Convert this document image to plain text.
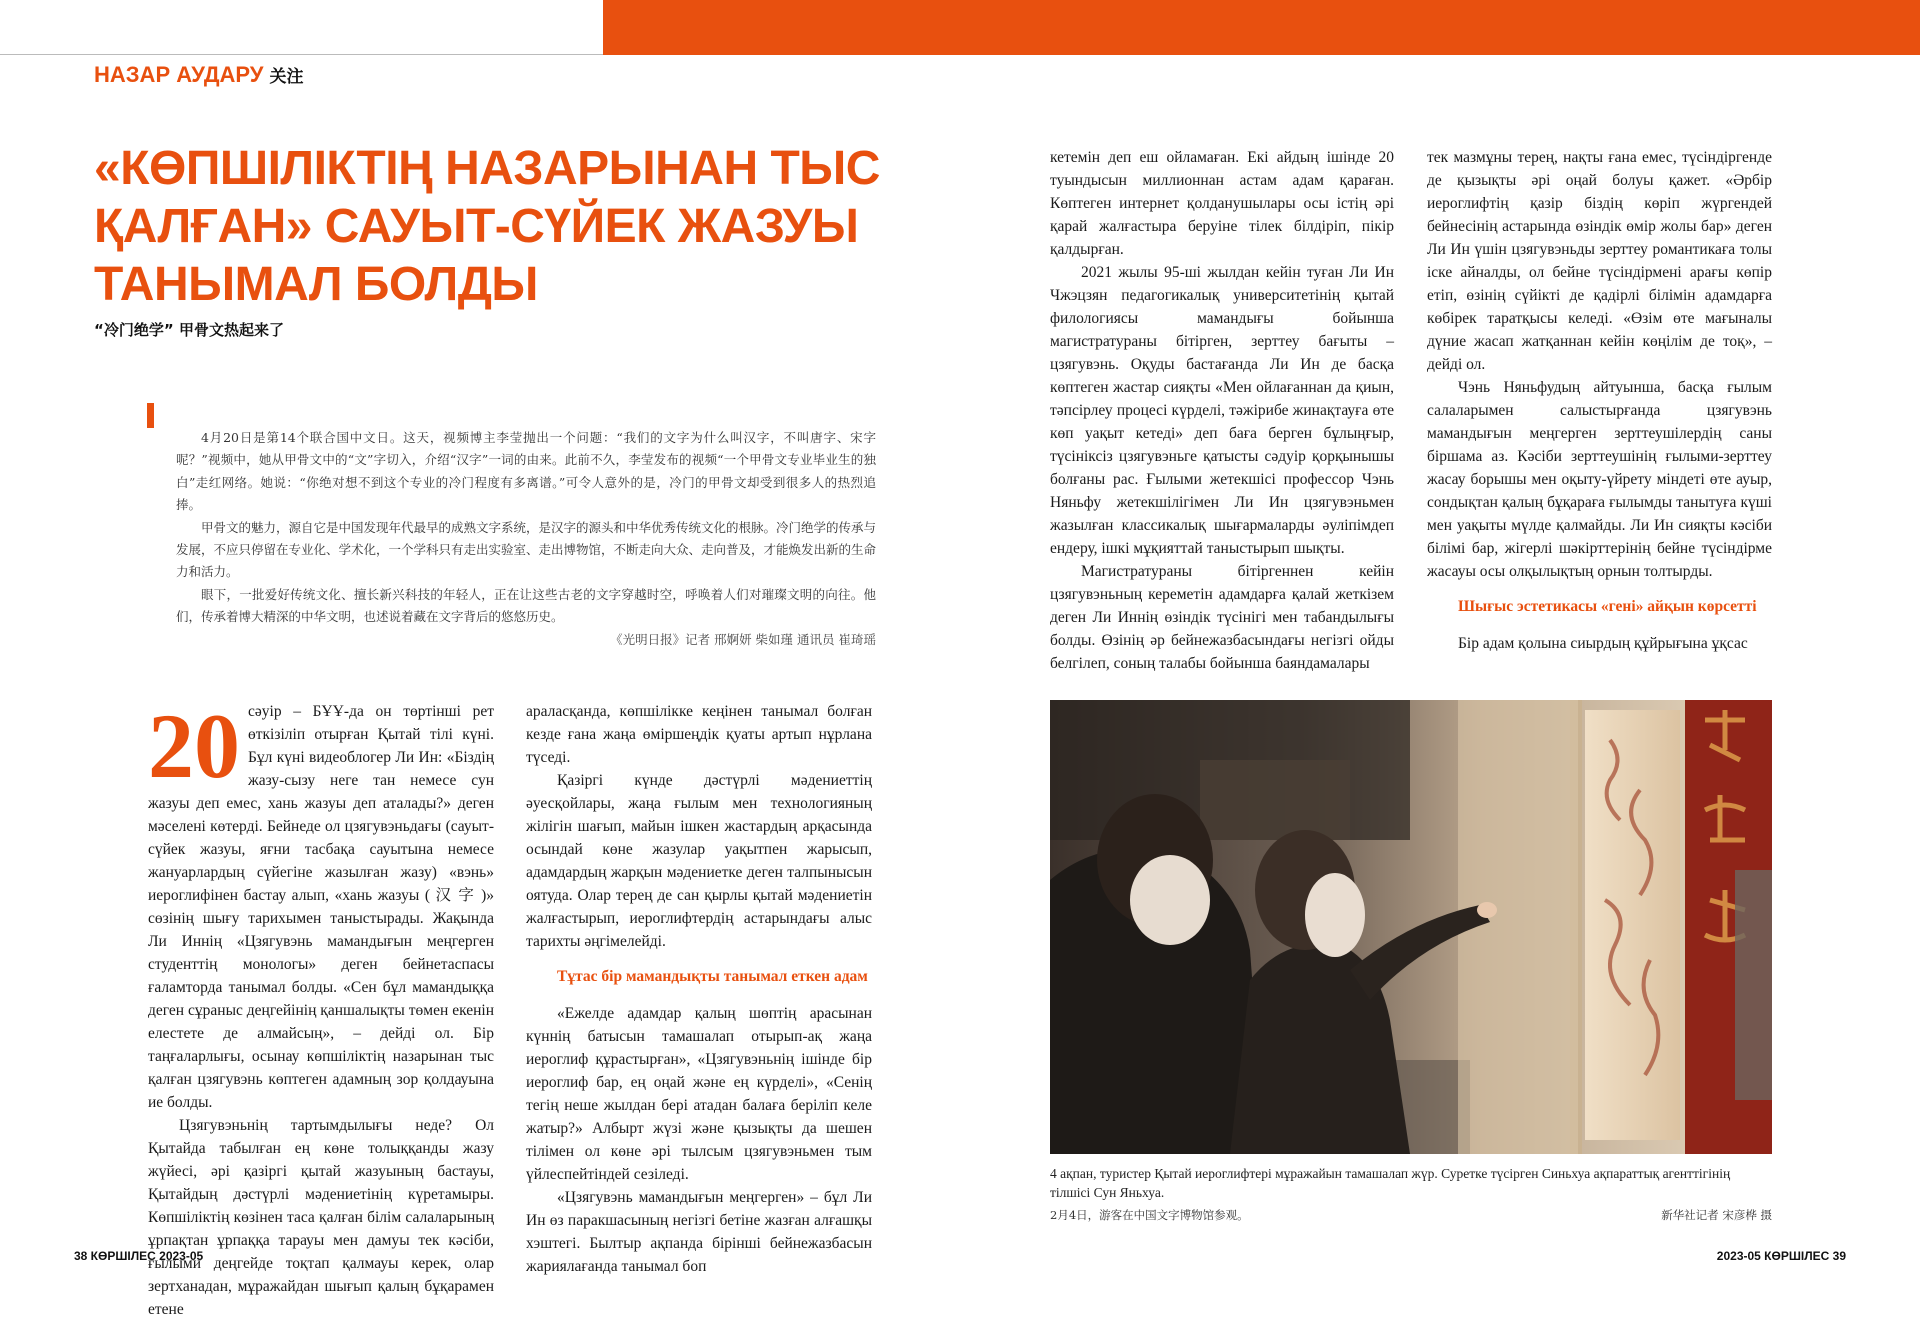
НАЗАР АУДАРУ 关注
«КӨПШІЛІКТІҢ НАЗАРЫНАН ТЫС
ҚАЛҒАН» САУЫТ-СҮЙЕК ЖАЗУЫ
ТАНЫМАЛ БОЛДЫ
“冷门绝学” 甲骨文热起来了

4月20日是第14个联合国中文日。这天，视频博主李莹抛出一个问题：“我们的文字为什么叫汉字，不叫唐字、宋字呢？”视频中，她从甲骨文中的“文”字切入，介绍“汉字”一词的由来。此前不久，李莹发布的视频“一个甲骨文专业毕业生的独白”走红网络。她说：“你绝对想不到这个专业的冷门程度有多离谱。”可令人意外的是，冷门的甲骨文却受到很多人的热烈追捧。

甲骨文的魅力，源自它是中国发现年代最早的成熟文字系统，是汉字的源头和中华优秀传统文化的根脉。冷门绝学的传承与发展，不应只停留在专业化、学术化，一个学科只有走出实验室、走出博物馆，不断走向大众、走向普及，才能焕发出新的生命力和活力。

眼下，一批爱好传统文化、擅长新兴科技的年轻人，正在让这些古老的文字穿越时空，呼唤着人们对璀璨文明的向往。他们，传承着博大精深的中华文明，也述说着藏在文字背后的悠悠历史。

《光明日报》记者 邢婀妍 柴如瑾 通讯员 崔琦瑶

20 сәуір – БҰҰ-да он төртінші рет өткізіліп отырған Қытай тілі күні. Бұл күні видеоблогер Ли Ин: «Біздің жазу-сызу неге тан немесе сун жазуы деп емес, хань жазуы деп аталады?» деген мәселені көтерді. Бейнеде ол цзягувэньдағы (сауыт-сүйек жазуы, яғни тасбақа сауытына немесе жануарлардың сүйегіне жазылған жазу) «вэнь» иероглифінен бастау алып, «хань жазуы ( 汉 字 )» сөзінің шығу тарихымен таныстырады. Жақында Ли Иннің «Цзягувэнь мамандығын меңгерген студенттің монологы» деген бейнетаспасы ғаламторда танымал болды. «Сен бұл мамандыққа деген сұраныс деңгейінің қаншалықты төмен екенін елестете де алмайсың», – дейді ол. Бір таңғаларлығы, осынау көпшіліктің назарынан тыс қалған цзягувэнь көптеген адамның зор қолдауына ие болды.

Цзягувэньнің тартымдылығы неде? Ол Қытайда табылған ең көне толыққанды жазу жүйесі, әрі қазіргі қытай жазуының бастауы, Қытайдың дәстүрлі мәдениетінің күретамыры. Көпшіліктің көзінен таса қалған білім салаларының ұрпақтан ұрпаққа тарауы мен дамуы тек кәсіби, ғылыми деңгейде тоқтап қалмауы керек, олар зертханадан, мұражайдан шығып қалың бұқарамен етене

араласқанда, көпшілікке кеңінен танымал болған кезде ғана жаңа өміршеңдік қуаты артып нұрлана түседі.

Қазіргі күнде дәстүрлі мәдениеттің әуесқойлары, жаңа ғылым мен технологияның жілігін шағып, майын ішкен жастардың арқасында осындай көне жазулар уақытпен жарысып, адамдардың жарқын мәдениетке деген талпынысын оятуда. Олар терең де сан қырлы қытай мәдениетін жалғастырып, иероглифтердің астарындағы алыс тарихты әңгімелейді.

Тұтас бір мамандықты танымал еткен адам

«Ежелде адамдар қалың шөптің арасынан күннің батысын тамашалап отырып-ақ жаңа иероглиф құрастырған», «Цзягувэньнің ішінде бір иероглиф бар, ең оңай және ең күрделі», «Сенің тегің неше жылдан бері атадан балаға беріліп келе жатыр?» Албырт жүзі және қызықты да шешен тілімен ол көне әрі тылсым цзягувэньмен тым үйлеспейтіндей сезіледі.

«Цзягувэнь мамандығын меңгерген» – бұл Ли Ин өз паракшасының негізгі бетіне жазған алғашқы хэштегі. Былтыр ақпанда бірінші бейнежазбасын жариялағанда танымал боп

кетемін деп еш ойламаған. Екі айдың ішінде 20 туындысын миллионнан астам адам қараған. Көптеген интернет қолданушылары осы істің әрі қарай жалғастыра беруіне тілек білдіріп, пікір қалдырған.

2021 жылы 95-ші жылдан кейін туған Ли Ин Чжэцзян педагогикалық университетінің қытай филологиясы мамандығы бойынша магистратураны бітірген, зерттеу бағыты – цзягувэнь. Оқуды бастағанда Ли Ин де басқа көптеген жастар сияқты «Мен ойлағаннан да қиын, тәпсірлеу процесі күрделі, тәжірибе жинақтауға өте көп уақыт кетеді» деп баға берген бұлыңғыр, түсініксіз цзягувэньге қатысты сәдуір қорқынышы болғаны рас. Ғылыми жетекшісі профессор Чэнь Няньфу жетекшілігімен Ли Ин цзягувэньмен жазылған классикалық шығармаларды әуліпімдеп ендеру, ішкі мұқияттай таныстырып шықты.

Магистратураны бітіргеннен кейін цзягувэньның кереметін адамдарға қалай жеткізем деген Ли Иннің өзіндік түсінігі мен табандылығы болды. Өзінің әр бейнежазбасындағы негізгі ойды белгілеп, соның талабы бойынша баяндамалары

тек мазмұны терең, нақты ғана емес, түсіндіргенде де қызықты әрі оңай болуы қажет. «Әрбір иероглифтің қазір біздің көріп жүргендей бейнесінің астарында өзіндік өмір жолы бар» деген Ли Ин үшін цзягувэньды зерттеу романтикаға толы іске айналды, ол бейне түсіндірмені арағы көпір етіп, өзінің сүйікті де қадірлі білімін адамдарға көбірек таратқысы келеді. «Өзім өте мағыналы дүние жасап жатқаннан кейін көңілім де тоқ», – дейді ол.

Чэнь Няньфудың айтуынша, басқа ғылым салаларымен салыстырғанда цзягувэнь мамандығын меңгерген зерттеушілердің саны біршама аз. Кәсіби зерттеушінің ғылыми-зерттеу жасау борышы мен оқыту-үйрету міндеті өте ауыр, сондықтан қалың бұқараға ғылымды танытуға күші мен уақыты мүлде қалмайды. Ли Ин сияқты кәсіби білімі бар, жігерлі шәкірттерінің бейне түсіндірме жасауы осы олқылықтың орнын толтырды.

Шығыс эстетикасы «гені» айқын көрсетті

Бір адам қолына сиырдың құйрығына ұқсас

4 ақпан, туристер Қытай иероглифтері мұражайын тамашалап жүр. Суретке түсірген Синьхуа ақпараттық агенттігінің тілшісі Сун Яньхуа.
2月4日，游客在中国文字博物馆参观。	新华社记者 宋彦桦 摄
38 КӨРШІЛЕС 2023-05	2023-05 КӨРШІЛЕС 39
